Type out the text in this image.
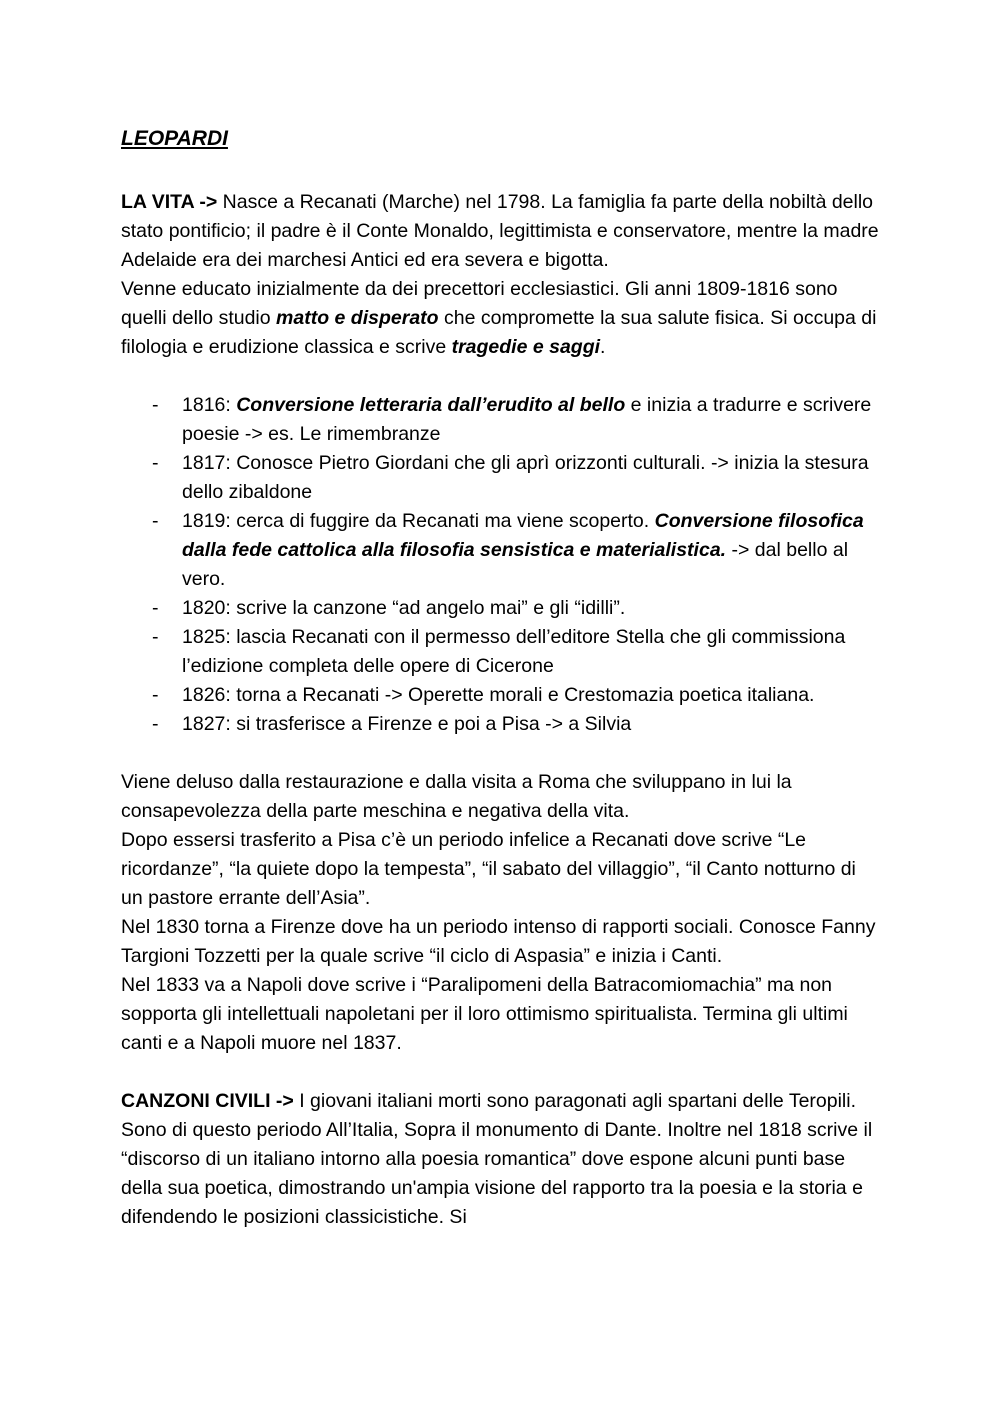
LEOPARDI

LA VITA -> Nasce a Recanati (Marche) nel 1798. La famiglia fa parte della nobiltà dello stato pontificio; il padre è il Conte Monaldo, legittimista e conservatore, mentre la madre Adelaide era dei marchesi Antici ed era severa e bigotta.

Venne educato inizialmente da dei precettori ecclesiastici. Gli anni 1809-1816 sono quelli dello studio matto e disperato che compromette la sua salute fisica. Si occupa di filologia e erudizione classica e scrive tragedie e saggi.

- 1816: Conversione letteraria dall’erudito al bello e inizia a tradurre e scrivere poesie -> es. Le rimembranze
- 1817: Conosce Pietro Giordani che gli aprì orizzonti culturali. -> inizia la stesura dello zibaldone
- 1819: cerca di fuggire da Recanati ma viene scoperto. Conversione filosofica dalla fede cattolica alla filosofia sensistica e materialistica. -> dal bello al vero.
- 1820: scrive la canzone “ad angelo mai” e gli “idilli”.
- 1825: lascia Recanati con il permesso dell’editore Stella che gli commissiona l’edizione completa delle opere di Cicerone
- 1826: torna a Recanati -> Operette morali e Crestomazia poetica italiana.
- 1827: si trasferisce a Firenze e poi a Pisa -> a Silvia

Viene deluso dalla restaurazione e dalla visita a Roma che sviluppano in lui la consapevolezza della parte meschina e negativa della vita.

Dopo essersi trasferito a Pisa c’è un periodo infelice a Recanati dove scrive “Le ricordanze”, “la quiete dopo la tempesta”, “il sabato del villaggio”, “il Canto notturno di un pastore errante dell’Asia”.

Nel 1830 torna a Firenze dove ha un periodo intenso di rapporti sociali. Conosce Fanny Targioni Tozzetti per la quale scrive “il ciclo di Aspasia” e inizia i Canti.

Nel 1833 va a Napoli dove scrive i “Paralipomeni della Batracomiomachia” ma non sopporta gli intellettuali napoletani per il loro ottimismo spiritualista. Termina gli ultimi canti e a Napoli muore nel 1837.

CANZONI CIVILI -> I giovani italiani morti sono paragonati agli spartani delle Teropili. Sono di questo periodo All’Italia, Sopra il monumento di Dante. Inoltre nel 1818 scrive il “discorso di un italiano intorno alla poesia romantica” dove espone alcuni punti base della sua poetica, dimostrando un'ampia visione del rapporto tra la poesia e la storia e difendendo le posizioni classicistiche. Si
